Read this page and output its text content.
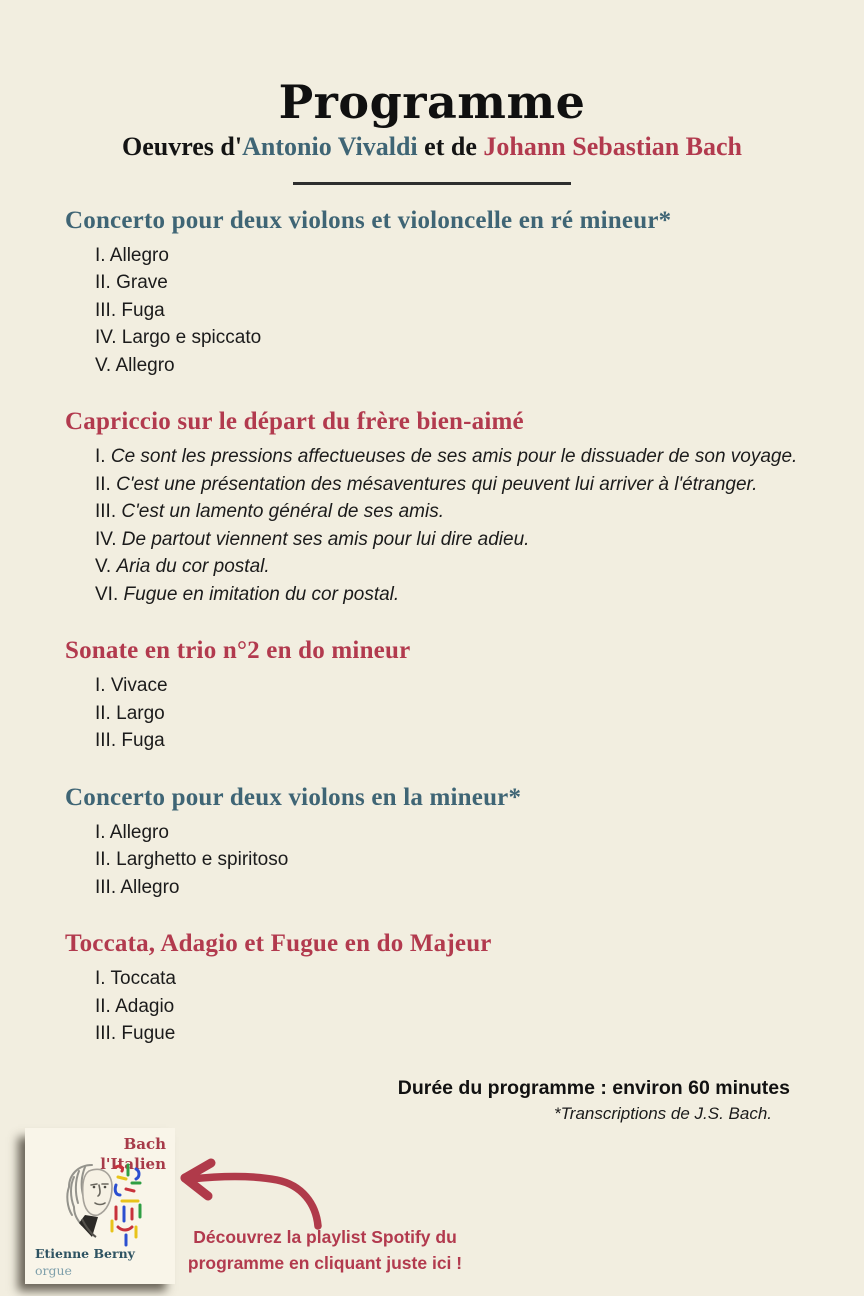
Programme
Oeuvres d'Antonio Vivaldi et de Johann Sebastian Bach
Concerto pour deux violons et violoncelle en ré mineur*
I. Allegro
II. Grave
III. Fuga
IV. Largo e spiccato
V. Allegro
Capriccio sur le départ du frère bien-aimé
I. Ce sont les pressions affectueuses de ses amis pour le dissuader de son voyage.
II. C'est une présentation des mésaventures qui peuvent lui arriver à l'étranger.
III. C'est un lamento général de ses amis.
IV. De partout viennent ses amis pour lui dire adieu.
V. Aria du cor postal.
VI. Fugue en imitation du cor postal.
Sonate en trio n°2 en do mineur
I. Vivace
II. Largo
III. Fuga
Concerto pour deux violons en la mineur*
I. Allegro
II. Larghetto e spiritoso
III. Allegro
Toccata, Adagio et Fugue en do Majeur
I. Toccata
II. Adagio
III. Fugue
Durée du programme : environ 60 minutes
*Transcriptions de J.S. Bach.
Bach
l'Italien
Etienne Berny
orgue
Découvrez la playlist Spotify du
programme en cliquant juste ici !
